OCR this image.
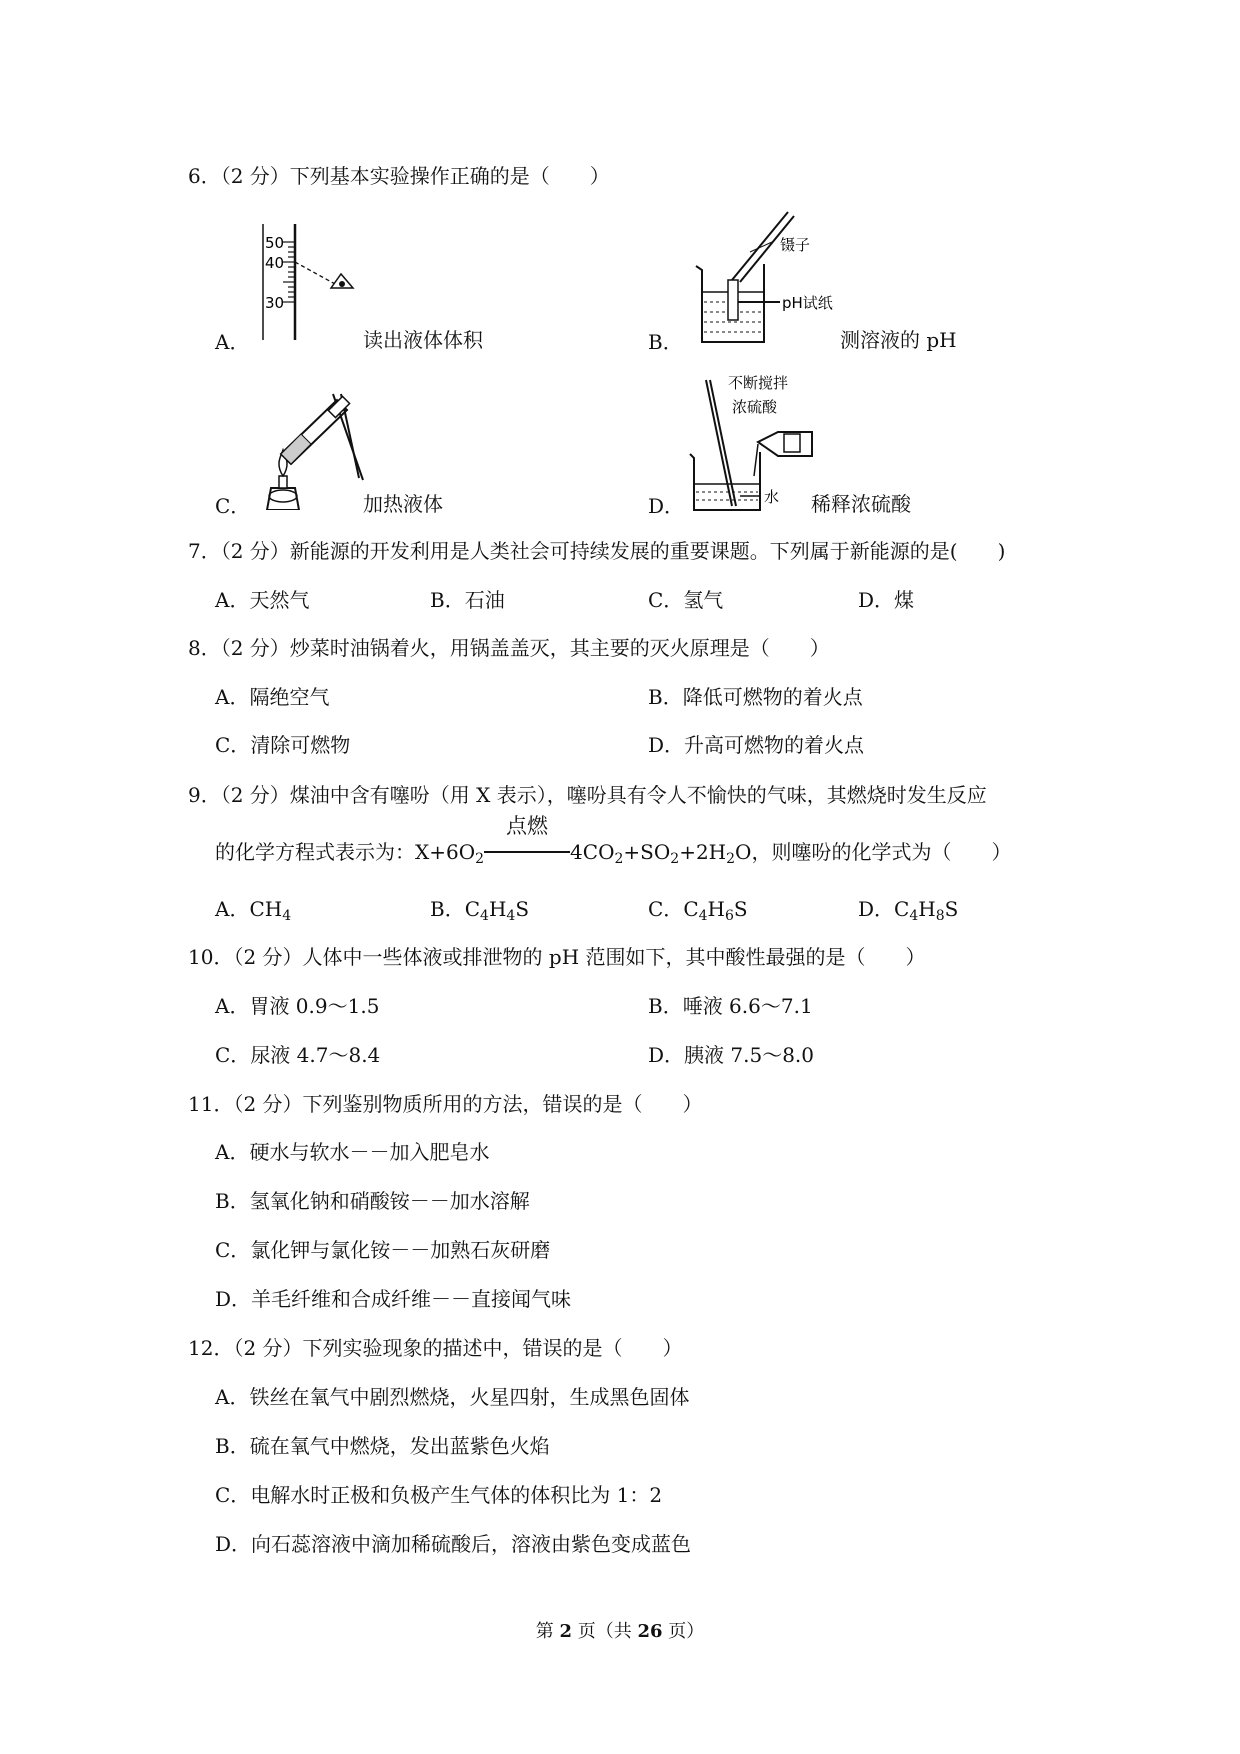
6．（2 分）下列基本实验操作正确的是（　　）
50
40
30
A．	读出液体体积
镊子
pH试纸
B．	测溶液的 pH
C．	加热液体
不断搅拌
浓硫酸
水
D．	稀释浓硫酸
7．（2 分）新能源的开发利用是人类社会可持续发展的重要课题。下列属于新能源的是(　　)
A．天然气	B．石油	C．氢气	D．煤
8．（2 分）炒菜时油锅着火，用锅盖盖灭，其主要的灭火原理是（　　）
A．隔绝空气	B．降低可燃物的着火点
C．清除可燃物	D．升高可燃物的着火点
9．（2 分）煤油中含有噻吩（用 X 表示），噻吩具有令人不愉快的气味，其燃烧时发生反应
的化学方程式表示为：$X+6O_2$
点燃
$4CO_2+SO_2+2H_2O$，则噻吩的化学式为（　　）
A．$CH_4$	B．$C_4H_4S$	C．$C_4H_6S$	D．$C_4H_8S$
10．（2 分）人体中一些体液或排泄物的 pH 范围如下，其中酸性最强的是（　　）
A．胃液 0.9～1.5	B．唾液 6.6～7.1
C．尿液 4.7～8.4	D．胰液 7.5～8.0
11．（2 分）下列鉴别物质所用的方法，错误的是（　　）
A．硬水与软水－－加入肥皂水
B．氢氧化钠和硝酸铵－－加水溶解
C．氯化钾与氯化铵－－加熟石灰研磨
D．羊毛纤维和合成纤维－－直接闻气味
12．（2 分）下列实验现象的描述中，错误的是（　　）
A．铁丝在氧气中剧烈燃烧，火星四射，生成黑色固体
B．硫在氧气中燃烧，发出蓝紫色火焰
C．电解水时正极和负极产生气体的体积比为 1：2
D．向石蕊溶液中滴加稀硫酸后，溶液由紫色变成蓝色
第 2 页（共 26 页）
